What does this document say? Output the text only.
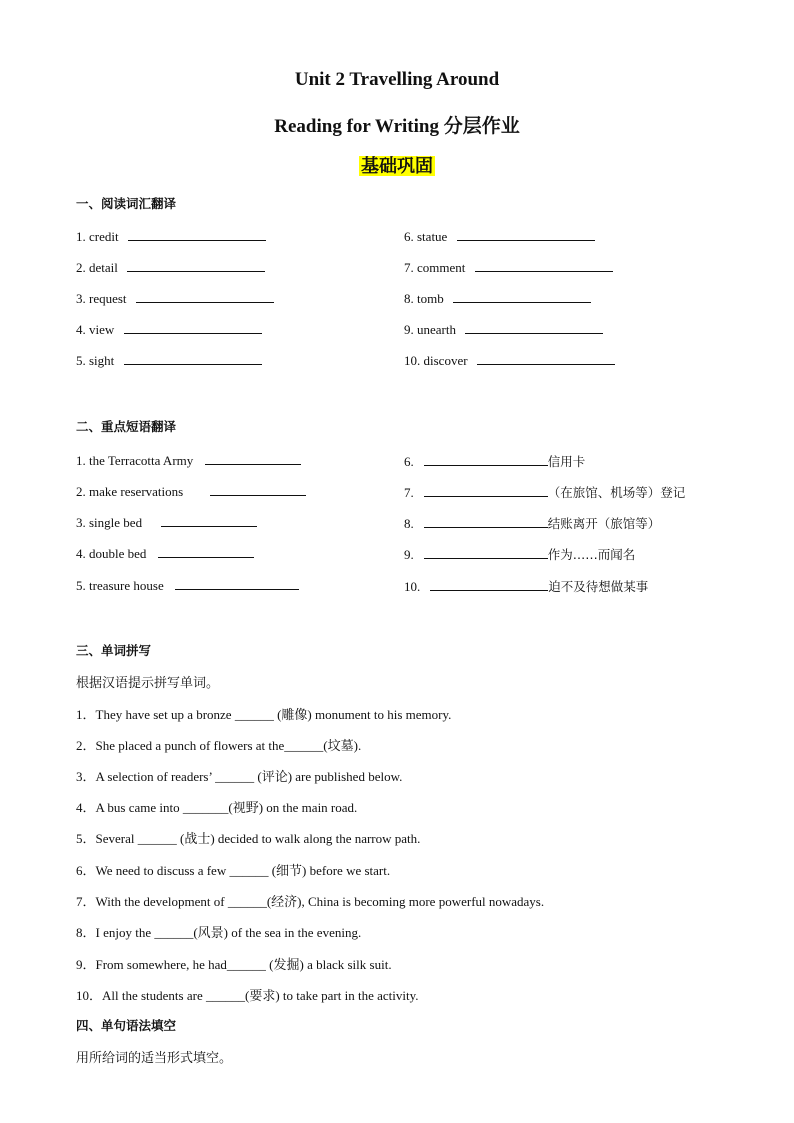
Unit 2 Travelling Around
Reading for Writing 分层作业
基础巩固
一、阅读词汇翻译
1. credit
2. detail
3. request
4. view
5. sight
6. statue
7. comment
8. tomb
9. unearth
10. discover
二、重点短语翻译
1. the Terracotta Army
2. make reservations
3. single bed
4. double bed
5. treasure house
6.	信用卡
7.	（在旅馆、机场等）登记
8.	结账离开（旅馆等）
9.	作为……而闻名
10.	迫不及待想做某事
三、单词拼写
根据汉语提示拼写单词。
1．They have set up a bronze ______ (雕像) monument to his memory.
2．She placed a punch of flowers at the______(坟墓).
3．A selection of readers’ ______ (评论) are published below.
4．A bus came into _______(视野) on the main road.
5．Several ______ (战士) decided to walk along the narrow path.
6．We need to discuss a few ______ (细节) before we start.
7．With the development of ______(经济), China is becoming more powerful nowadays.
8．I enjoy the ______(风景) of the sea in the evening.
9．From somewhere, he had______ (发掘) a black silk suit.
10．All the students are ______(要求) to take part in the activity.
四、单句语法填空
用所给词的适当形式填空。
